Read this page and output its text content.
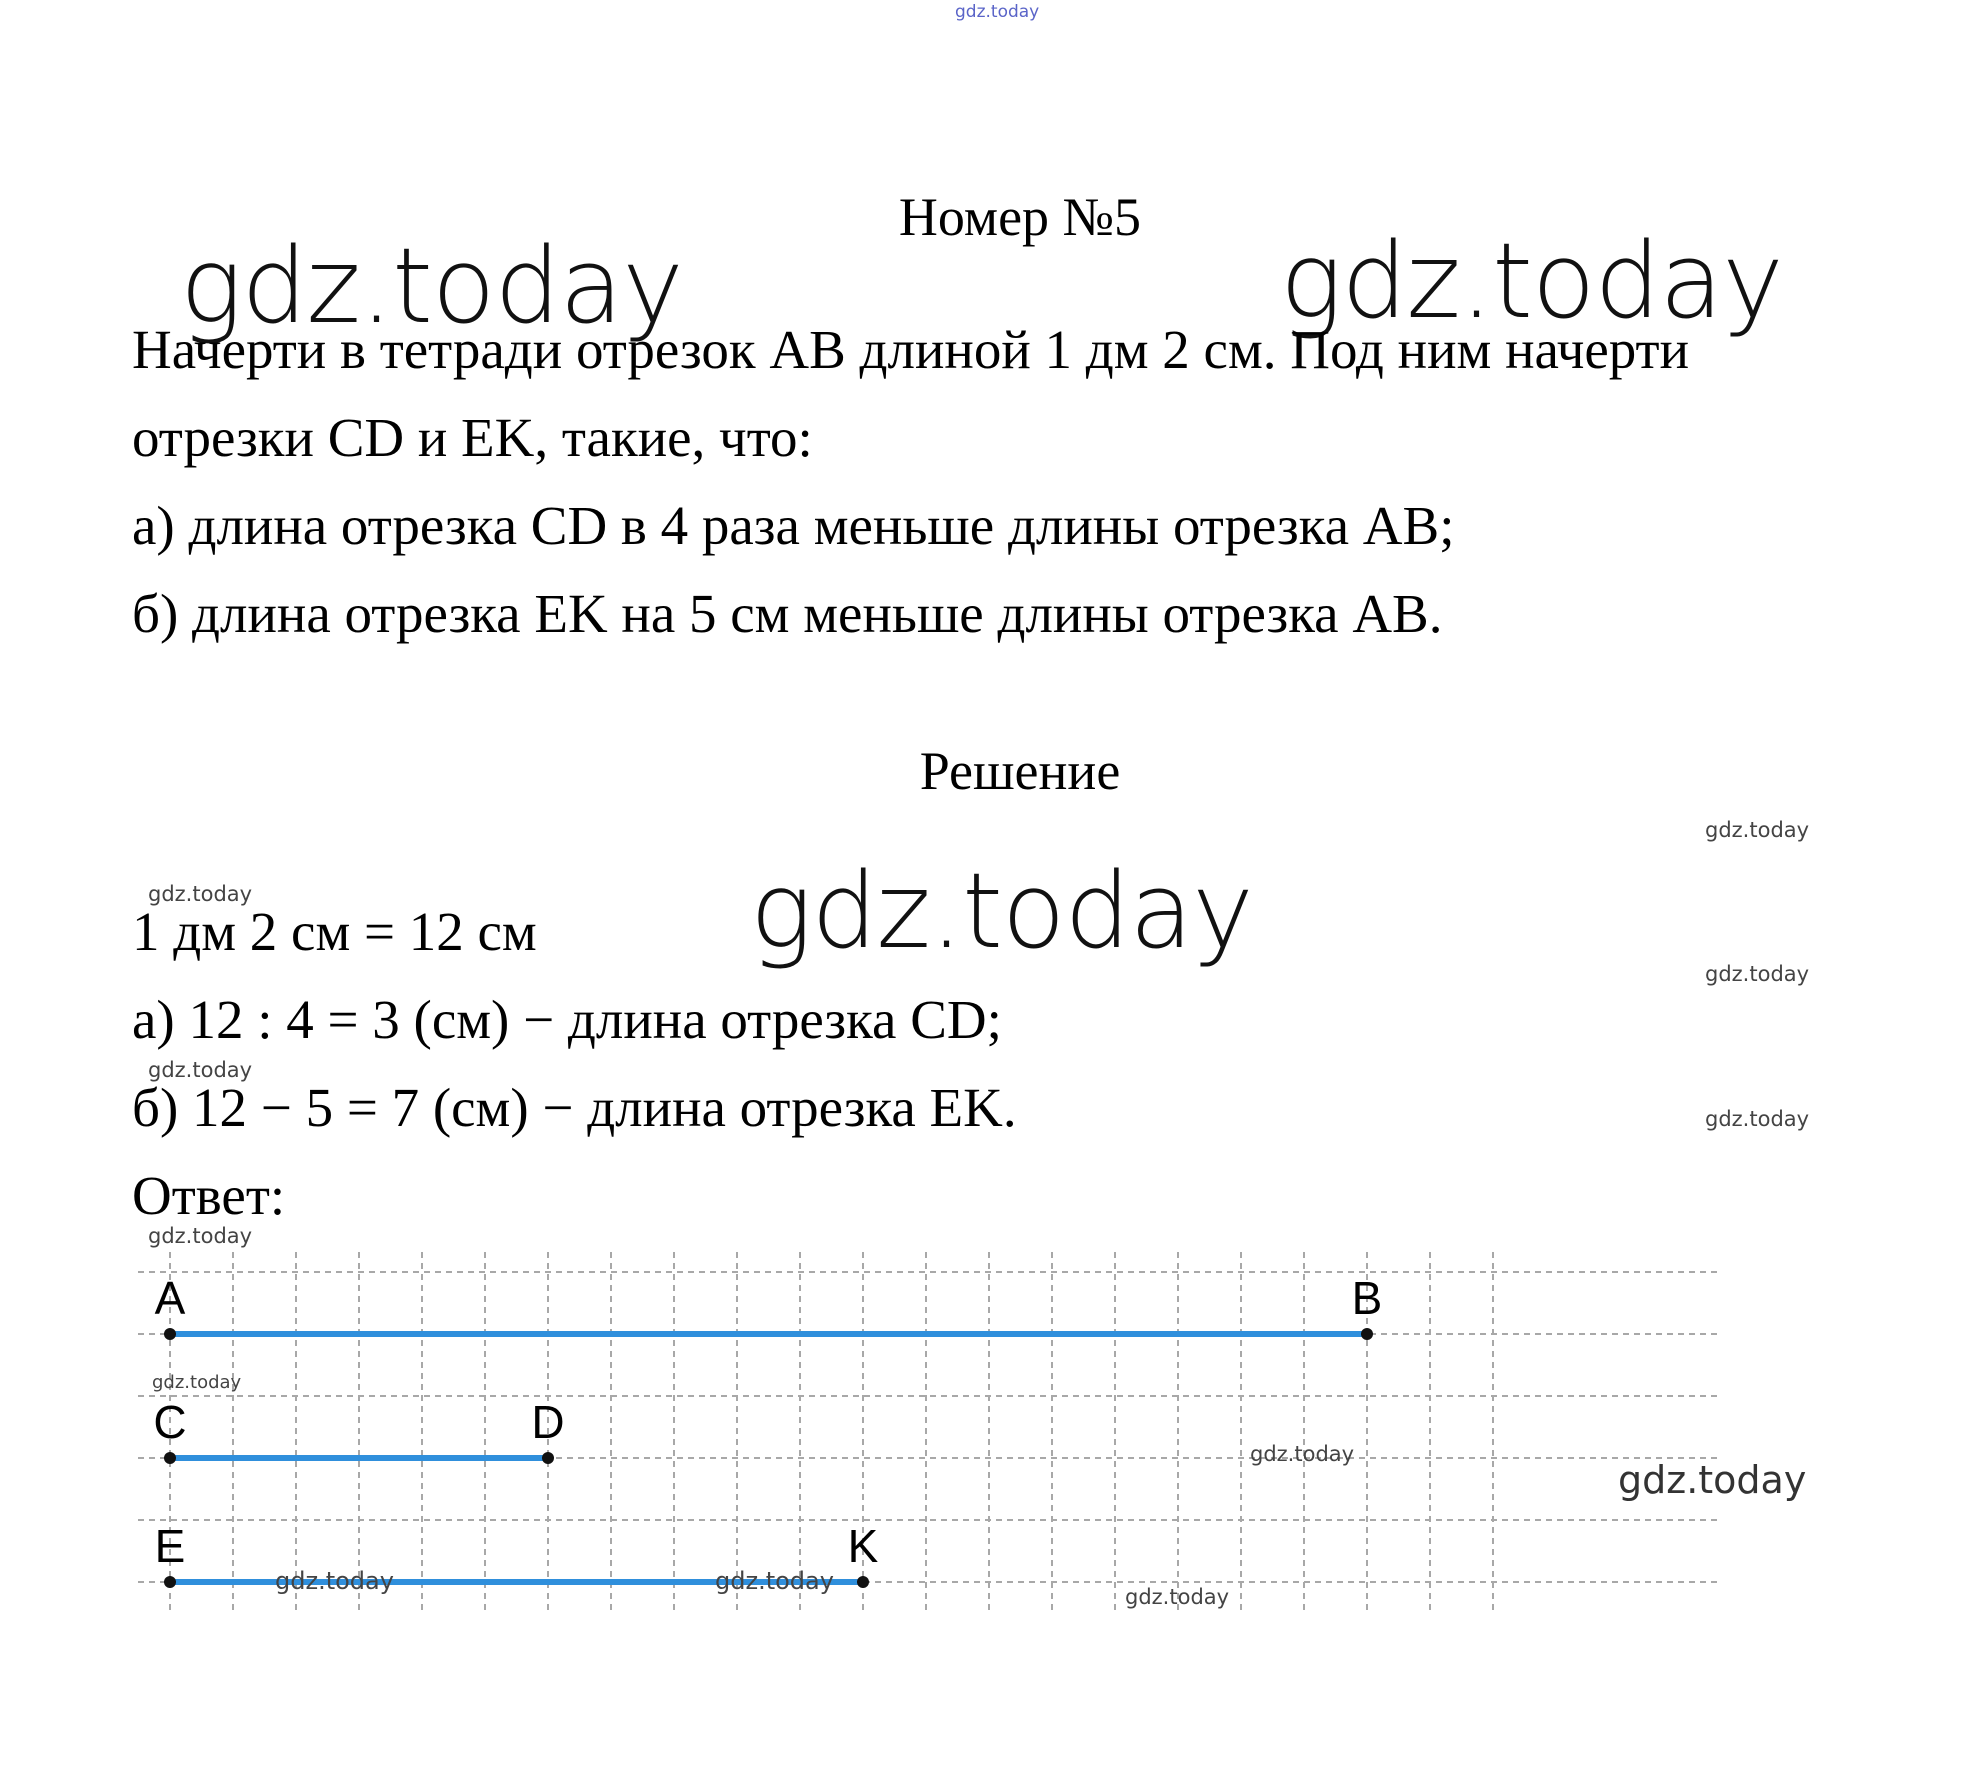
gdz.today
Номер №5
gdz.today	gdz.today
Начерти в тетради отрезок AB длиной 1 дм 2 см. Под ним начерти
отрезки CD и EK, такие, что:
а) длина отрезка CD в 4 раза меньше длины отрезка AB;
б) длина отрезка EK на 5 см меньше длины отрезка AB.
Решение
gdz.today
gdz.today	gdz.today
gdz.today
gdz.today
gdz.today
gdz.today
1 дм 2 см = 12 см
а) 12 : 4 = 3 (см) − длина отрезка CD;
б) 12 − 5 = 7 (см) − длина отрезка EK.
Ответ:
A	B
C	D
E	K
gdz.today
gdz.today
gdz.today
gdz.today	gdz.today
gdz.today
